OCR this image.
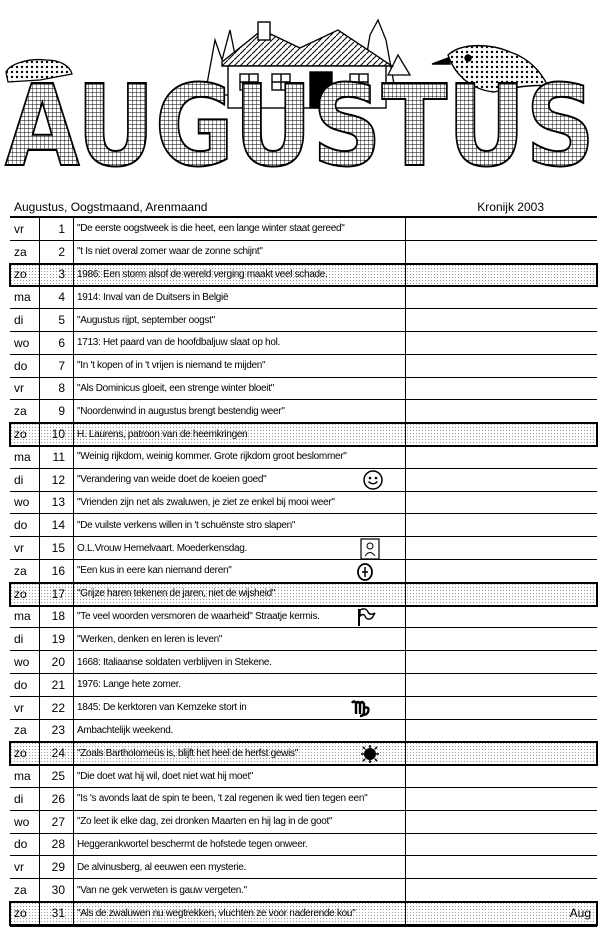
AUGUSTUS
Augustus, Oogstmaand, Arenmaand	Kronijk 2003
vr	1 "De eerste oogstweek is die heet, een lange winter staat gereed"
za	2 "t Is niet overal zomer waar de zonne schijnt"
zo	3 1986: Een storm alsof de wereld verging maakt veel schade.
ma 4 1914: Inval van de Duitsers in België
di	5 "Augustus rijpt, september oogst"
wo 6 1713: Het paard van de hoofdbaljuw slaat op hol.
do	7 "In 't kopen of in 't vrijen is niemand te mijden"
vr	8 "Als Dominicus gloeit, een strenge winter bloeit"
za	9 "Noordenwind in augustus brengt bestendig weer"
zo 10 H. Laurens, patroon van de heemkringen
ma 11 "Weinig rijkdom, weinig kommer. Grote rijkdom groot beslommer"
di 12 "Verandering van weide doet de koeien goed"
wo 13 "Vrienden zijn net als zwaluwen, je ziet ze enkel bij mooi weer"
do 14 "De vuilste verkens willen in 't schuënste stro slapen"
vr 15 O.L.Vrouw Hemelvaart. Moederkensdag.
za 16 "Een kus in eere kan niemand deren"
zo 17 "Grijze haren tekenen de jaren, niet de wijsheid"
ma 18 "Te veel woorden versmoren de waarheid" Straatje kermis.
di 19 "Werken, denken en leren is leven"
wo 20 1668: Italiaanse soldaten verblijven in Stekene.
do 21 1976: Lange hete zomer.
vr 22 1845: De kerktoren van Kemzeke stort in
za 23 Ambachtelijk weekend.
zo 24 "Zoals Bartholomeüs is, blijft het heel de herfst gewis"
ma 25 "Die doet wat hij wil, doet niet wat hij moet"
di 26 "Is 's avonds laat de spin te been, 't zal regenen ik wed tien tegen een"
wo 27 "Zo leet ik elke dag, zei dronken Maarten en hij lag in de goot"
do 28 Heggerankwortel beschermt de hofstede tegen onweer.
vr 29 De alvinusberg, al eeuwen een mysterie.
za 30 "Van ne gek verweten is gauw vergeten."
zo 31 "Als de zwaluwen nu wegtrekken, vluchten ze voor naderende kou"	Aug
